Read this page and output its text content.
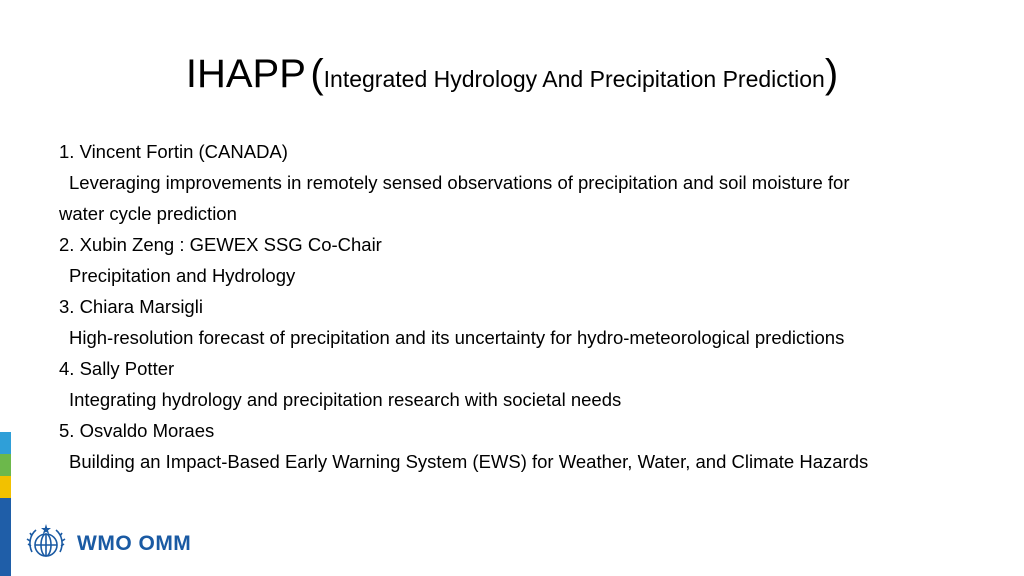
IHAPP (Integrated Hydrology And Precipitation Prediction)
1. Vincent Fortin (CANADA)
Leveraging improvements in remotely sensed observations of precipitation and soil moisture for
water cycle prediction
2. Xubin Zeng : GEWEX SSG Co-Chair
Precipitation and Hydrology
3. Chiara Marsigli
High-resolution forecast of precipitation and its uncertainty for hydro-meteorological predictions
4. Sally Potter
Integrating hydrology and precipitation research with societal needs
5. Osvaldo Moraes
Building an Impact-Based Early Warning System (EWS) for Weather, Water, and Climate Hazards
WMO OMM
